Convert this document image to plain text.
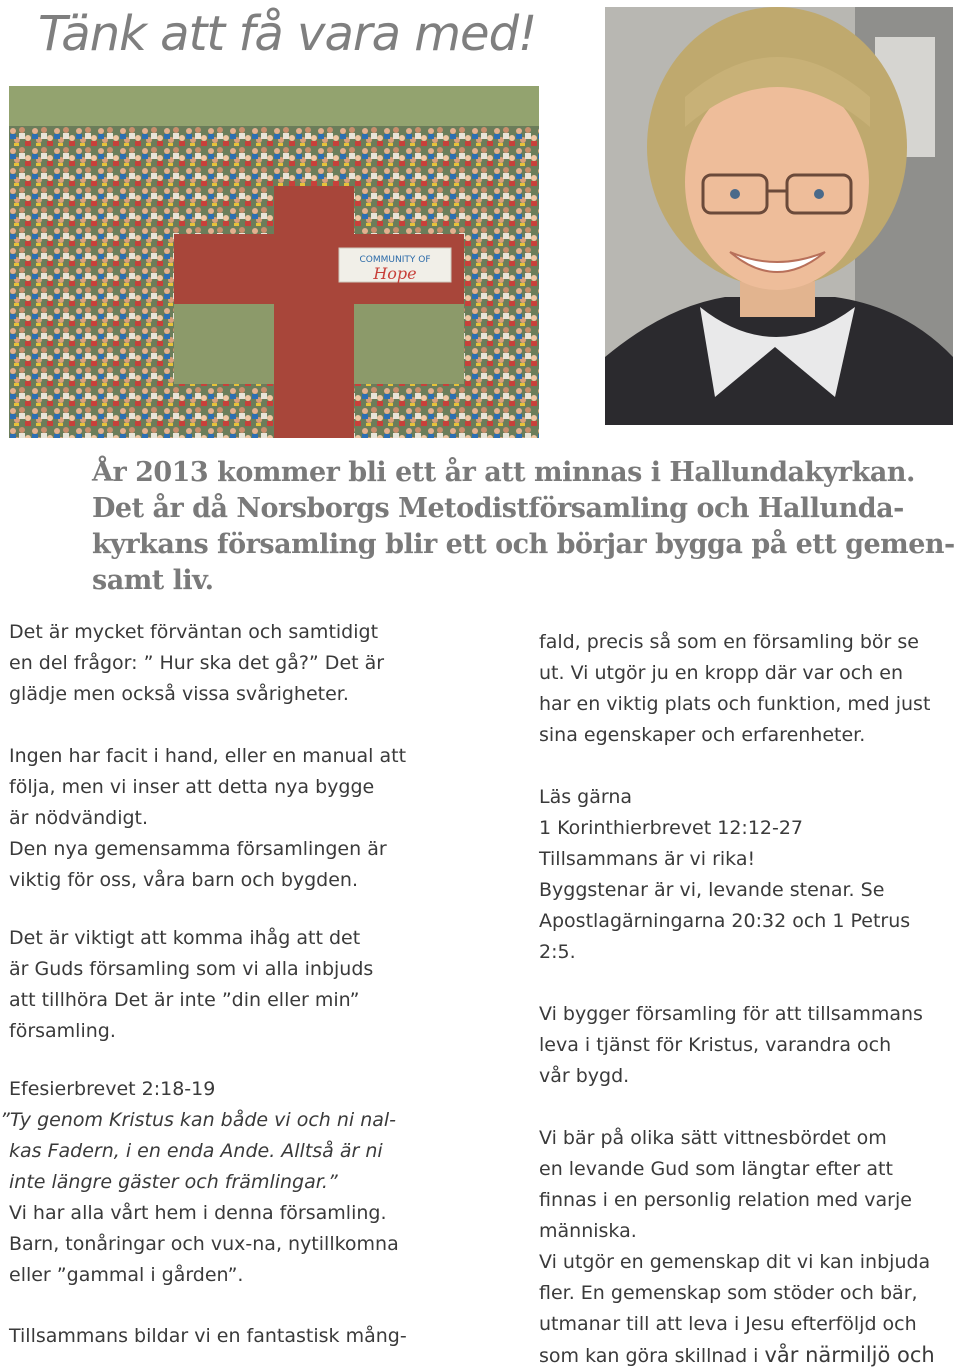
Tänk att få vara med!
COMMUNITY OF
Hope
År 2013 kommer bli ett år att minnas i Hallundakyrkan.
Det år då Norsborgs Metodistförsamling och Hallunda-
kyrkans församling blir ett och börjar bygga på ett gemen-
samt liv.
Det är mycket förväntan och samtidigt
en del frågor: ” Hur ska det gå?” Det är
glädje men också vissa svårigheter.
Ingen har facit i hand, eller en manual att
följa, men vi inser att detta nya bygge
är nödvändigt.
Den nya gemensamma församlingen är
viktig för oss, våra barn och bygden.
Det är viktigt att komma ihåg att det
är Guds församling som vi alla inbjuds
att tillhöra Det är inte ”din eller min”
församling.
Efesierbrevet 2:18-19
”Ty genom Kristus kan både vi och ni nal-
kas Fadern, i en enda Ande. Alltså är ni
inte längre gäster och främlingar.”
Vi har alla vårt hem i denna församling.
Barn, tonåringar och vux-na, nytillkomna
eller ”gammal i gården”.
Tillsammans bildar vi en fantastisk mång-
fald, precis så som en församling bör se
ut. Vi utgör ju en kropp där var och en
har en viktig plats och funktion, med just
sina egenskaper och erfarenheter.
Läs gärna
1 Korinthierbrevet 12:12-27
Tillsammans är vi rika!
Byggstenar är vi, levande stenar. Se
Apostlagärningarna 20:32 och 1 Petrus
2:5.
Vi bygger församling för att tillsammans
leva i tjänst för Kristus, varandra och
vår bygd.
Vi bär på olika sätt vittnesbördet om
en levande Gud som längtar efter att
finnas i en personlig relation med varje
människa.
Vi utgör en gemenskap dit vi kan inbjuda
fler. En gemenskap som stöder och bär,
utmanar till att leva i Jesu efterföljd och
som kan göra skillnad i vår närmiljö och
